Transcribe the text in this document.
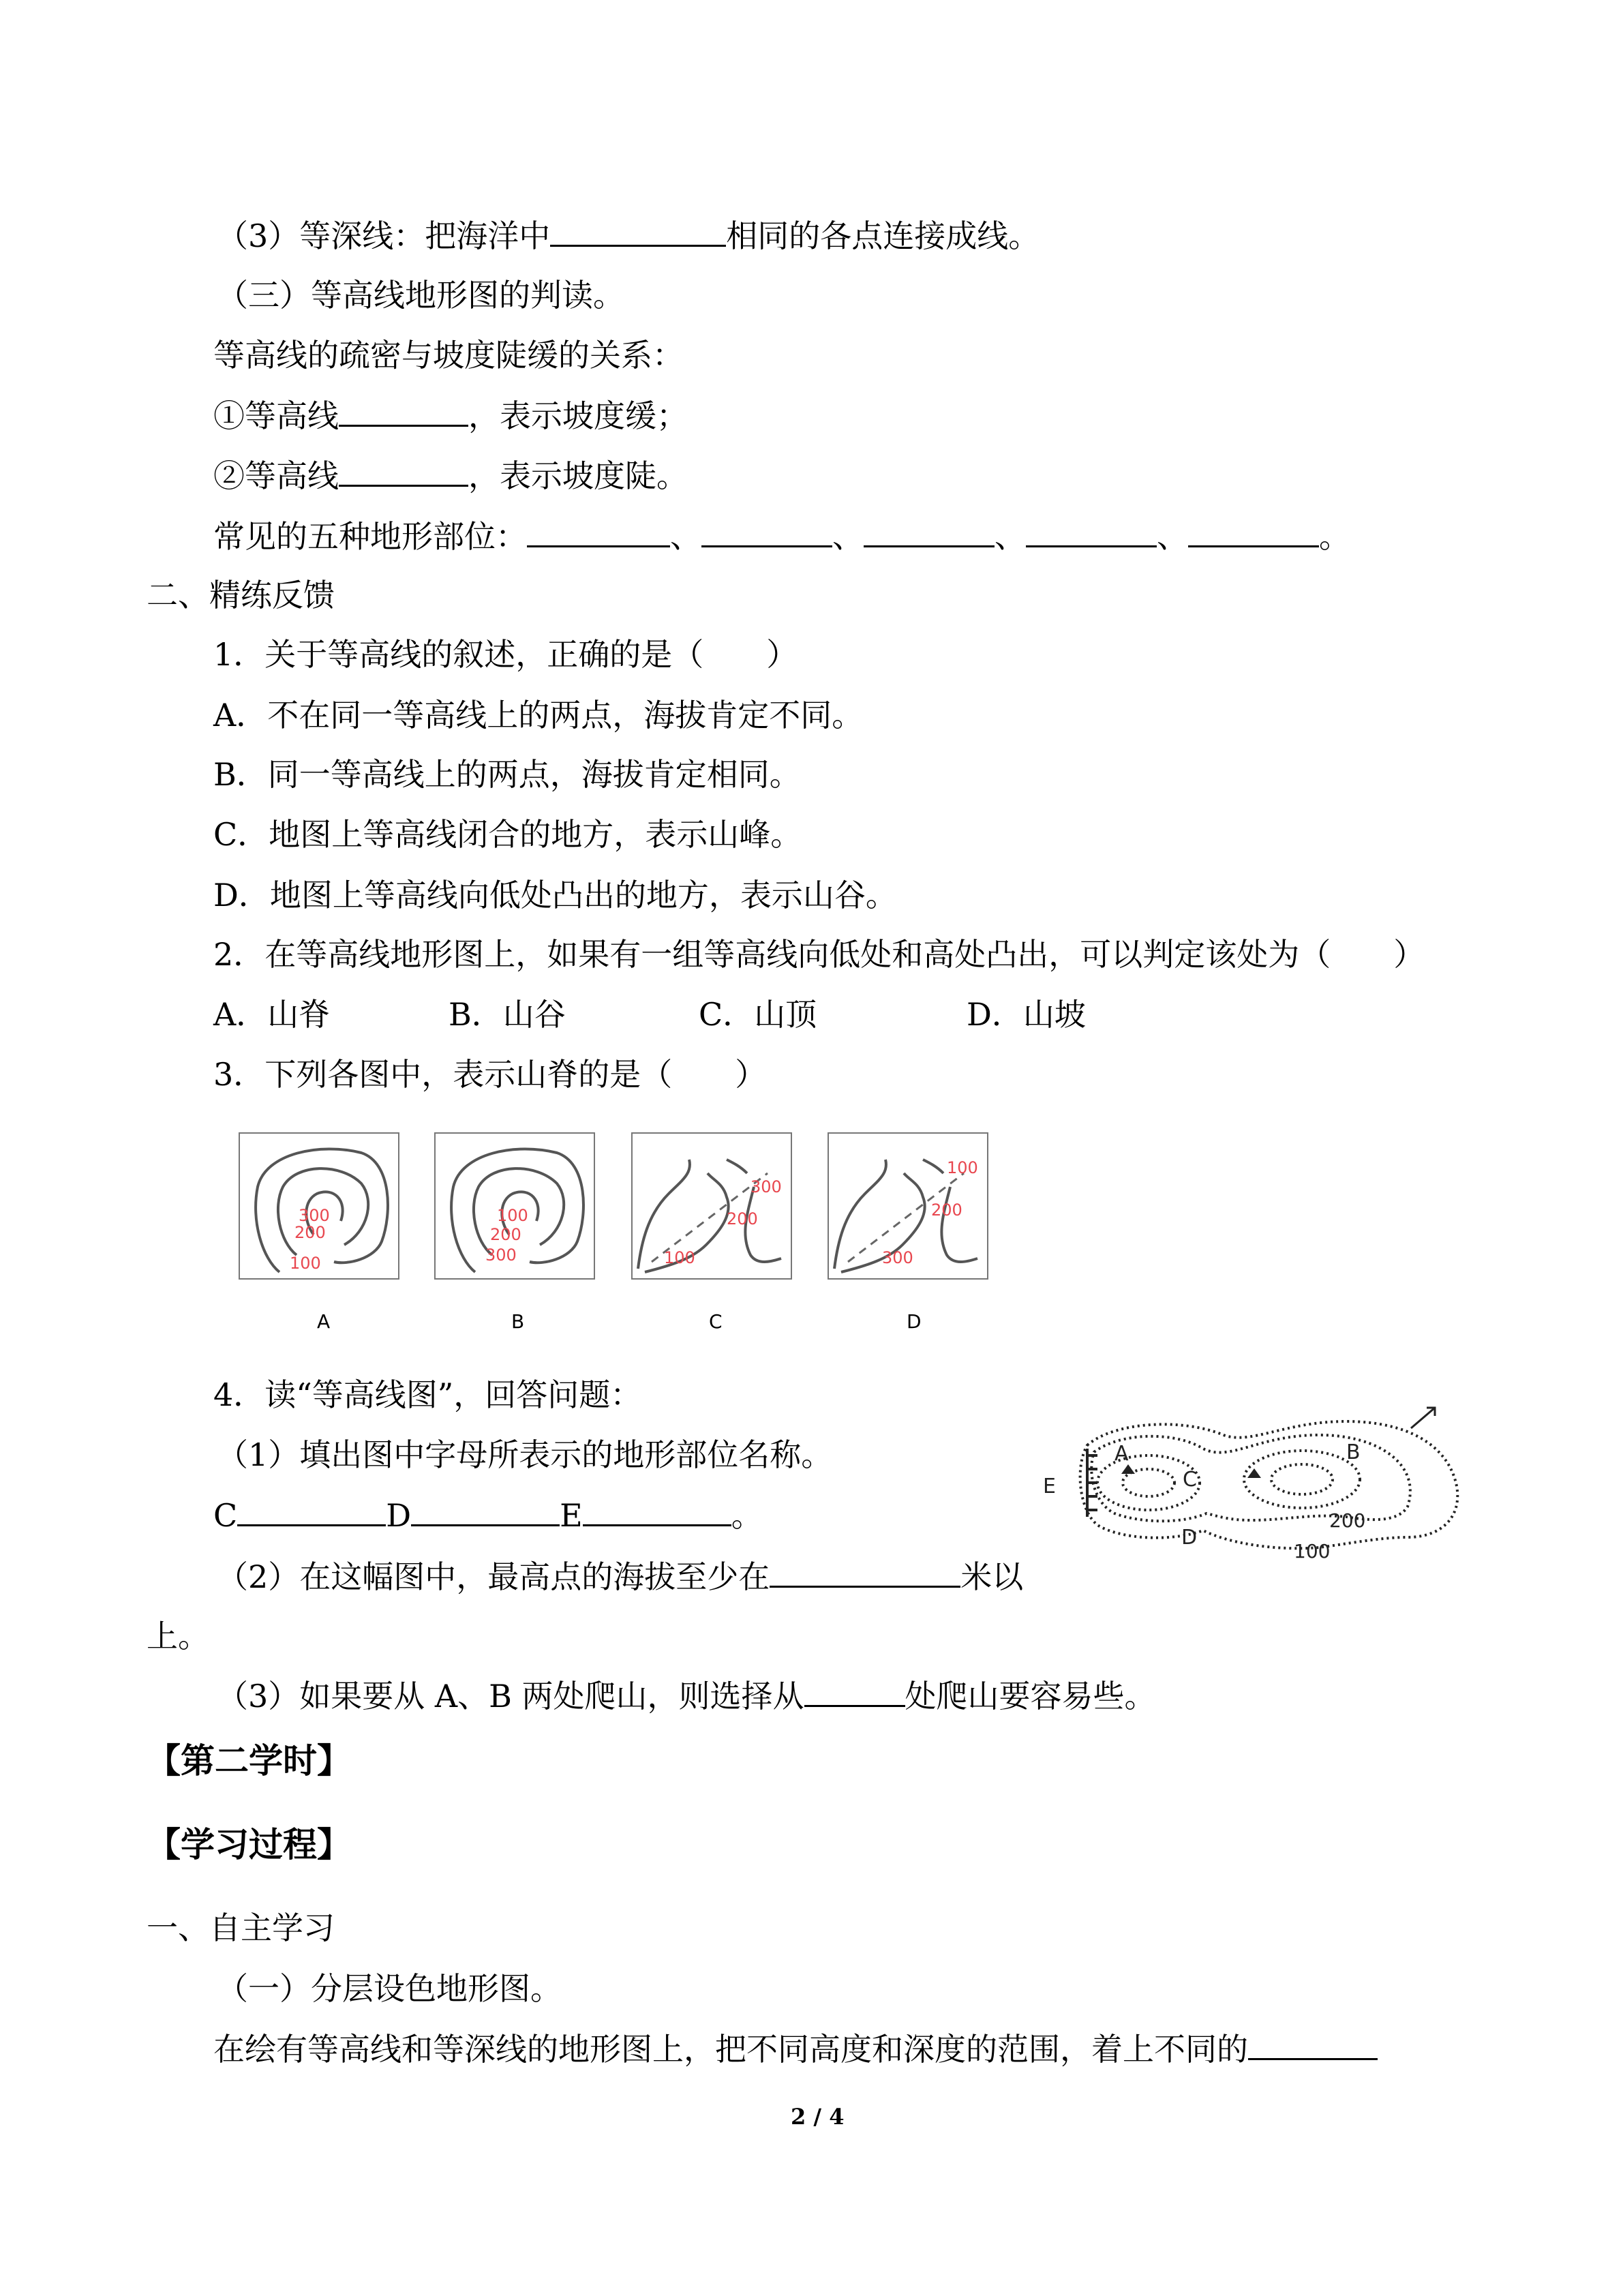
（3）等深线：把海洋中	相同的各点连接成线。
（三）等高线地形图的判读。
等高线的疏密与坡度陡缓的关系：
①等高线	，表示坡度缓；
②等高线	，表示坡度陡。
常见的五种地形部位：	、	、	、	、	。
二、精练反馈
1．关于等高线的叙述，正确的是（　　）
A．不在同一等高线上的两点，海拔肯定不同。
B．同一等高线上的两点，海拔肯定相同。
C．地图上等高线闭合的地方，表示山峰。
D．地图上等高线向低处凸出的地方，表示山谷。
2．在等高线地形图上，如果有一组等高线向低处和高处凸出，可以判定该处为（　　）
A．山脊	B．山谷	C．山顶	D．山坡
3．下列各图中，表示山脊的是（　　）
300
200
100
100
200
300
300
200
100
100
200
300
A	B	C	D
4．读“等高线图”，回答问题：
（1）填出图中字母所表示的地形部位名称。
C	D	E	。
（2）在这幅图中，最高点的海拔至少在	米以
上。
（3）如果要从 A、B 两处爬山，则选择从	处爬山要容易些。
A	B
C
D
E
200
100
【第二学时】
【学习过程】
一、自主学习
（一）分层设色地形图。
在绘有等高线和等深线的地形图上，把不同高度和深度的范围，着上不同的
2 / 4
